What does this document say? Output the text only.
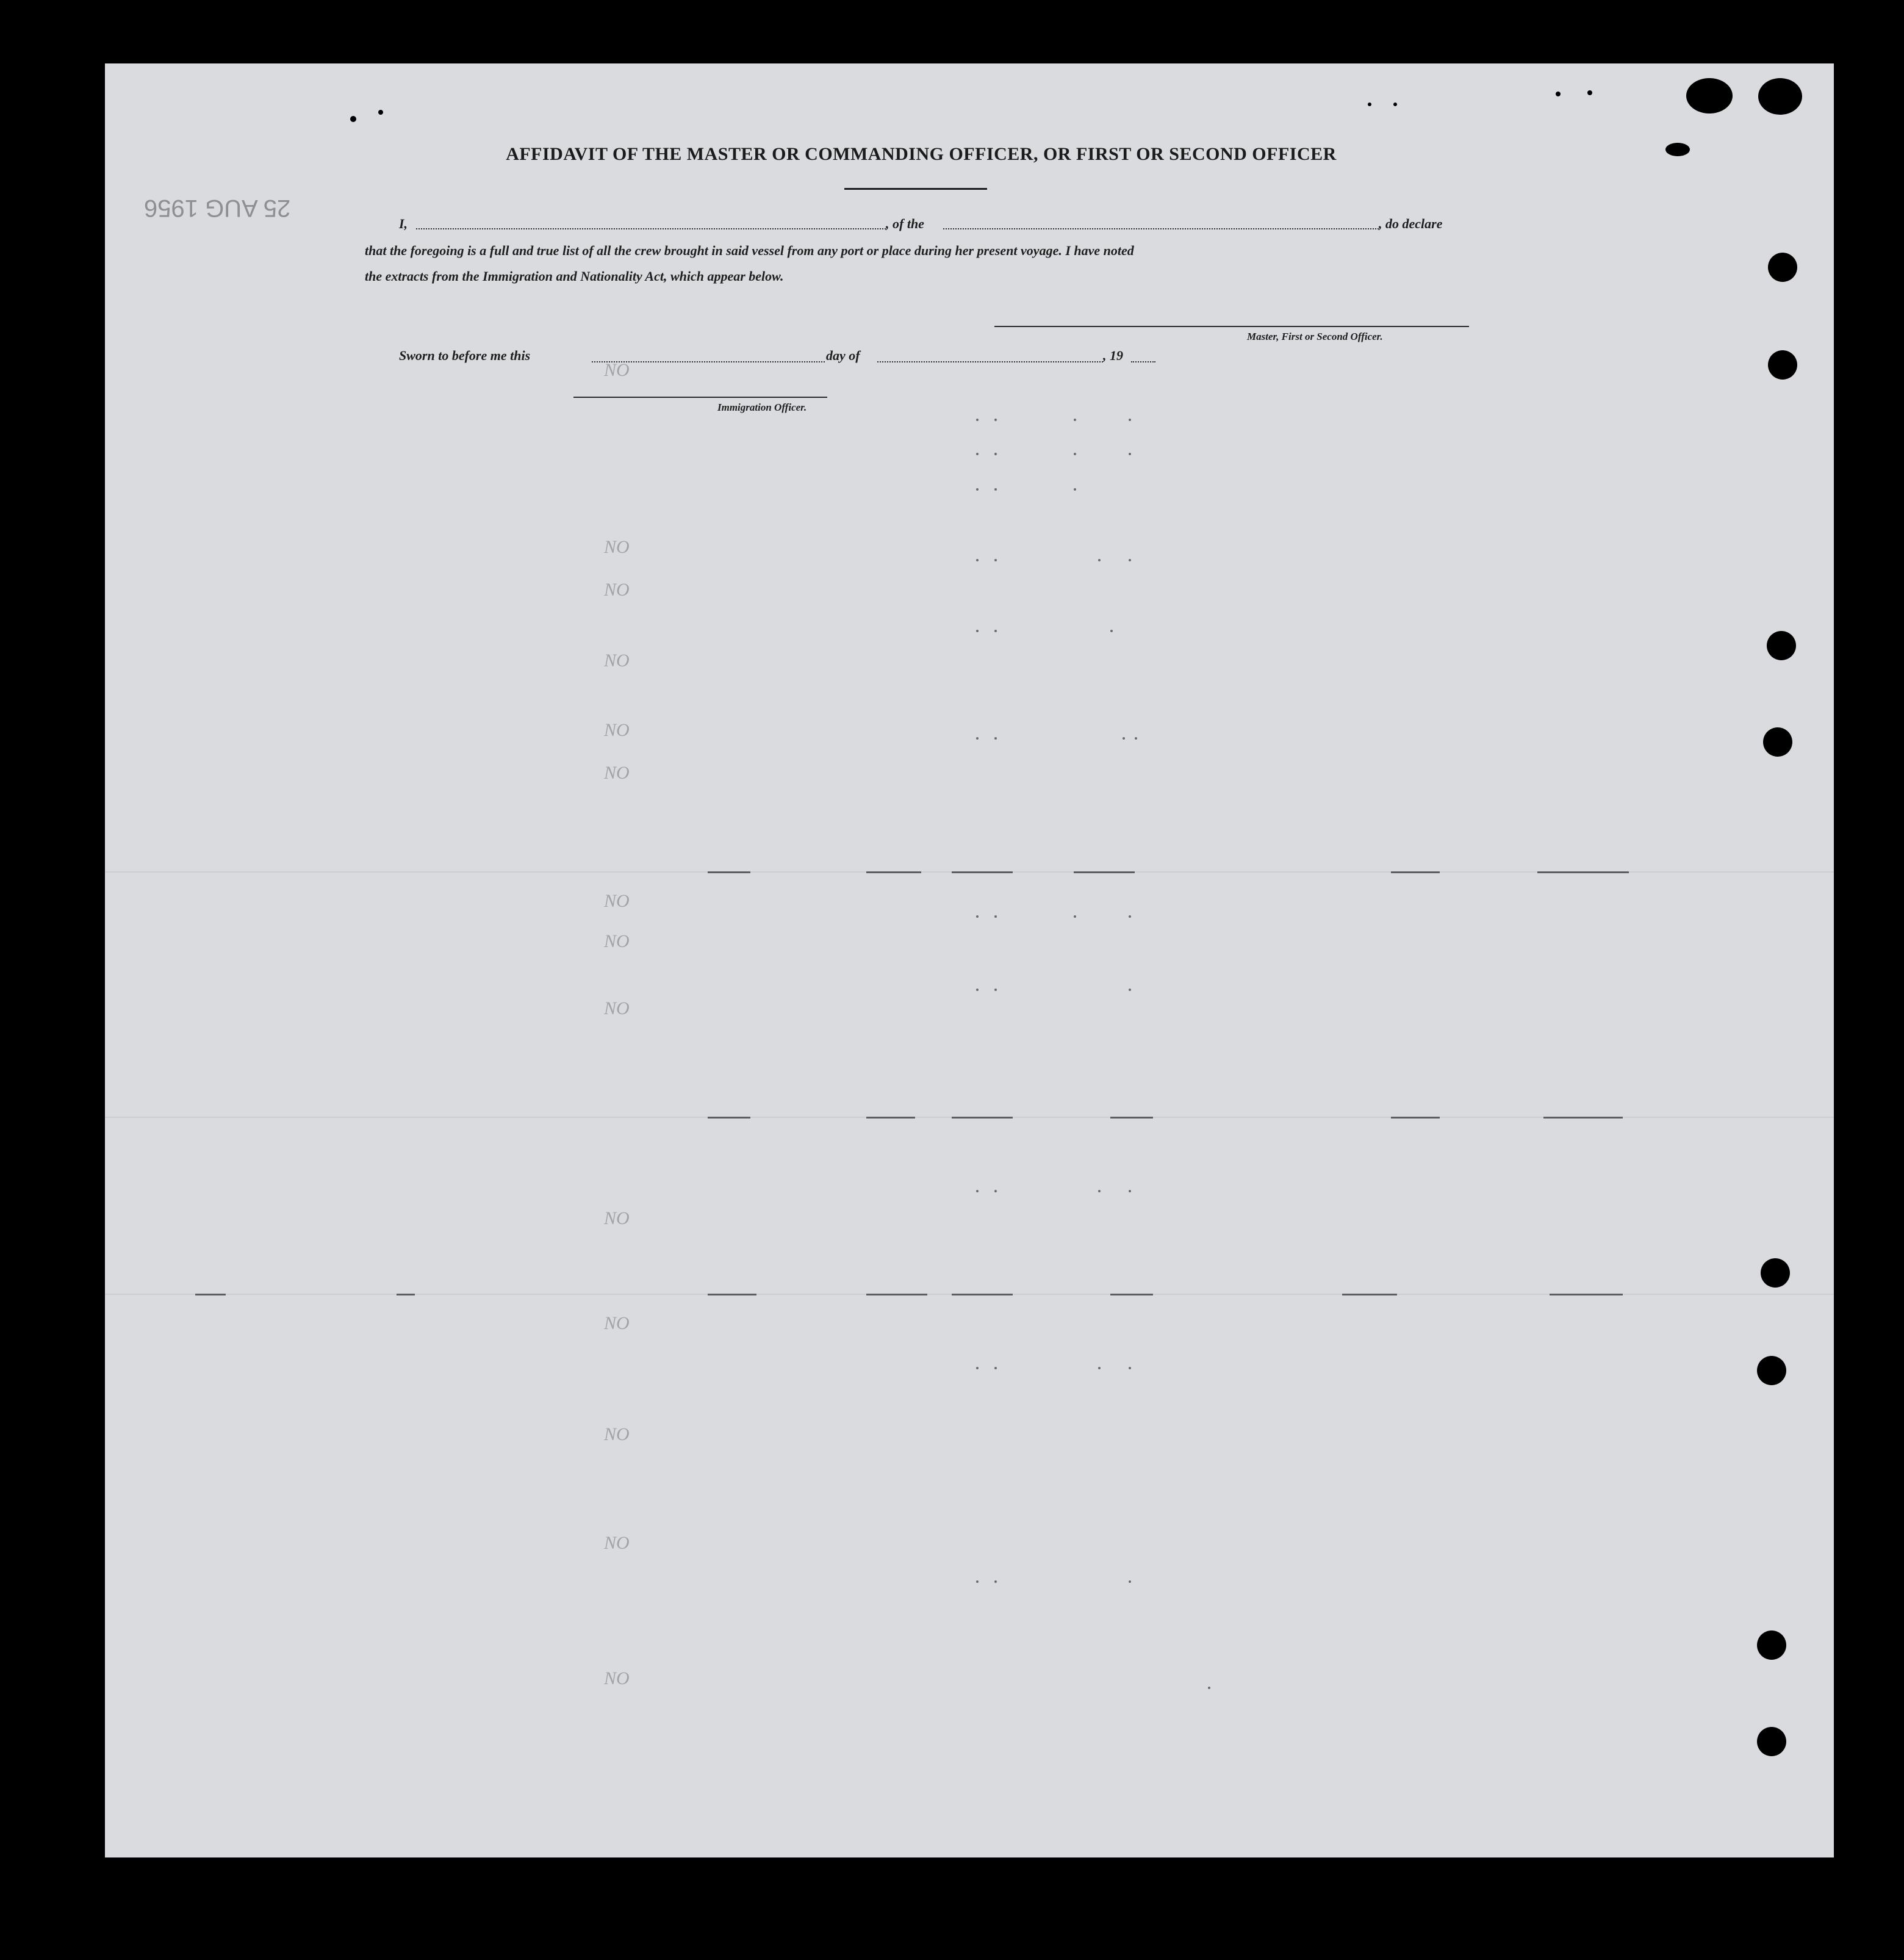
25 AUG 1956
NO
NO
NO
NO
NO
NO
NO
NO
NO
NO
NO
NO
NO
NO
AFFIDAVIT OF THE MASTER OR COMMANDING OFFICER, OR FIRST OR SECOND OFFICER
I,	, of the	, do declare
that the foregoing is a full and true list of all the crew brought in said vessel from any port or place during her present voyage. I have noted
the extracts from the Immigration and Nationality Act, which appear below.
Master, First or Second Officer.
Sworn to before me this	day of	, 19
Immigration Officer.
